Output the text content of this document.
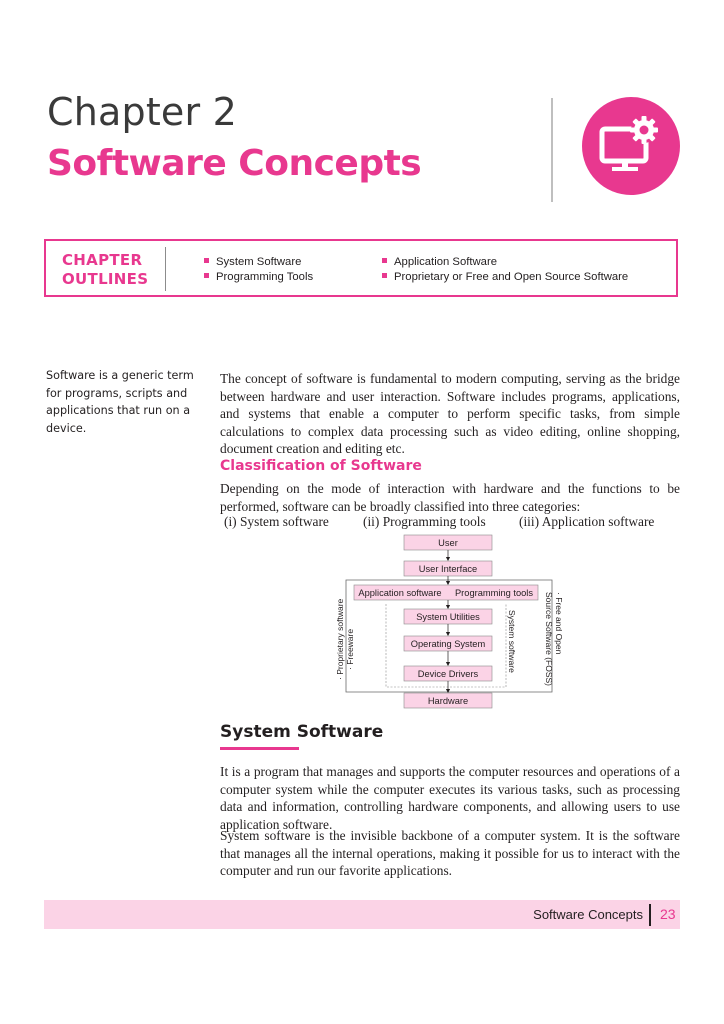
Chapter 2
Software Concepts
CHAPTER
OUTLINES
System Software	Application Software
Programming Tools	Proprietary or Free and Open Source Software
Software is a generic term for programs, scripts and applications that run on a device.
The concept of software is fundamental to modern computing, serving as the bridge between hardware and user interaction. Software includes programs, applications, and systems that enable a computer to perform specific tasks, from simple calculations to complex data processing such as video editing, online shopping, document creation and editing etc.
Classification of Software
Depending on the mode of interaction with hardware and the functions to be performed, software can be broadly classified into three categories:
(i) System software	(ii) Programming tools (iii) Application software
User
User Interface
Application software Programming tools
System Utilities
Operating System
Device Drivers
Hardware
System software
· Proprietary software · Freeware	· Free and Open
Source Software (FOSS)
System Software
It is a program that manages and supports the computer resources and operations of a computer system while the computer executes its various tasks, such as processing data and information, controlling hardware components, and allowing users to use application software.
System software is the invisible backbone of a computer system. It is the software that manages all the internal operations, making it possible for us to interact with the computer and run our favorite applications.
Software Concepts 23
